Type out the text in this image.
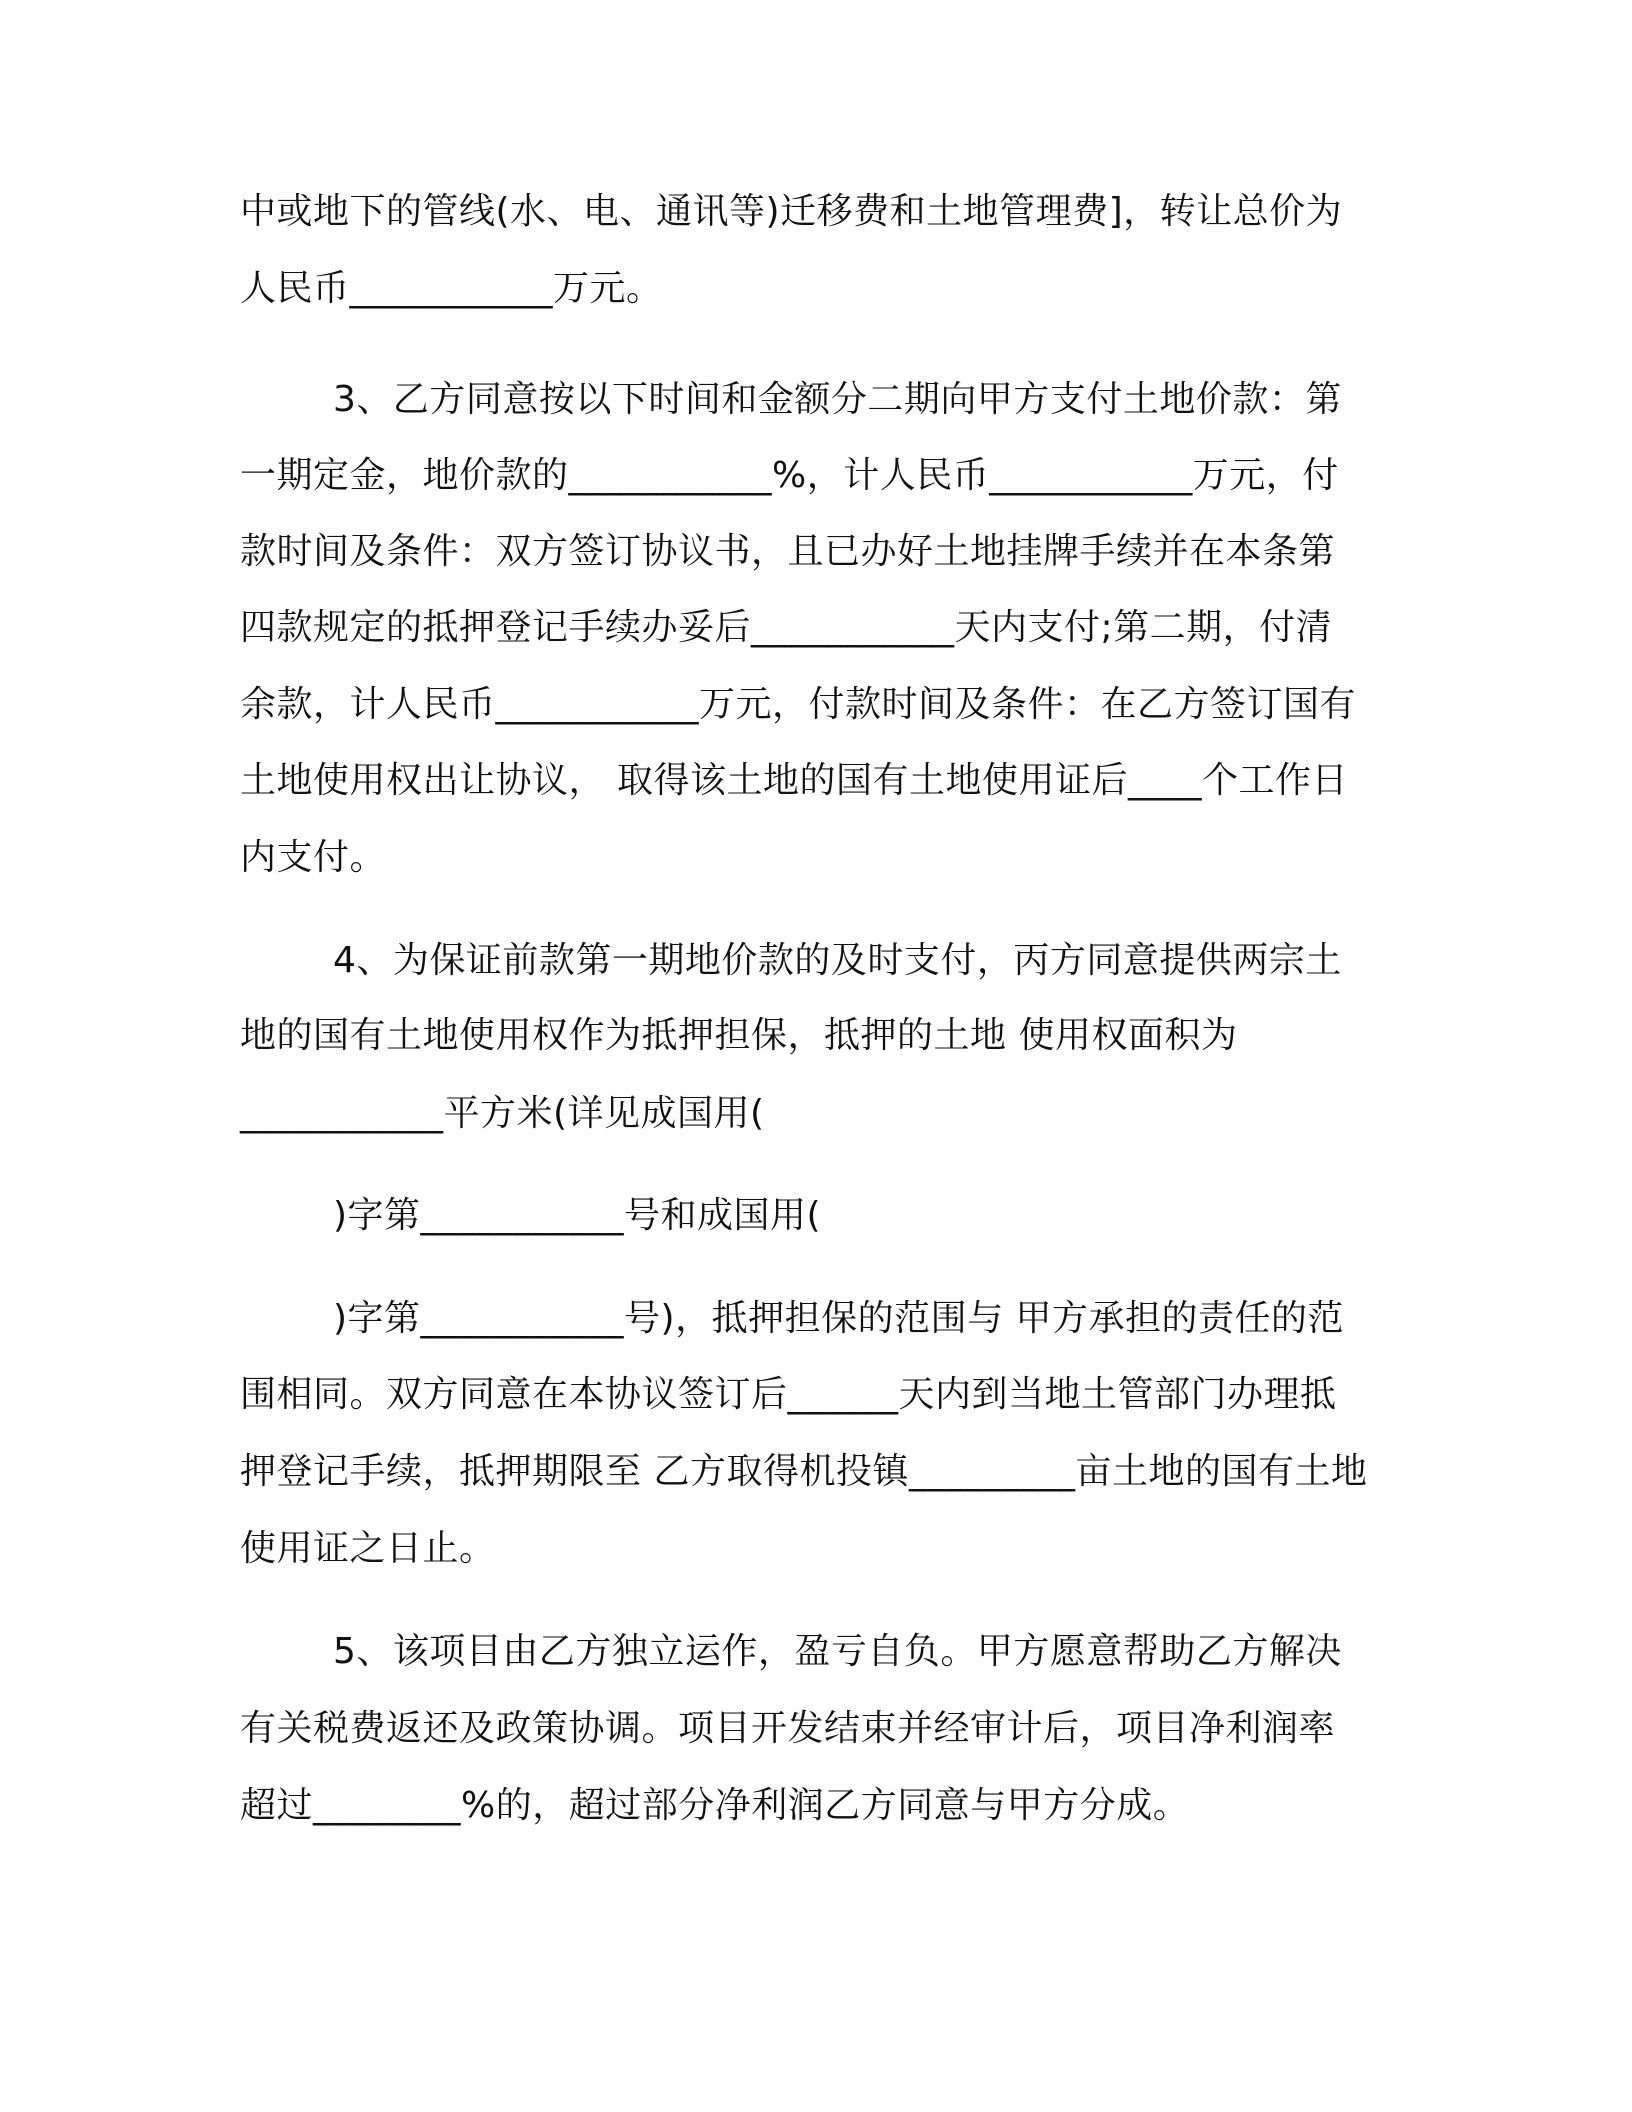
中或地下的管线(水、电、通讯等)迁移费和土地管理费]，转让总价为
人民币___________万元。
3、乙方同意按以下时间和金额分二期向甲方支付土地价款：第
一期定金，地价款的___________%，计人民币___________万元，付
款时间及条件：双方签订协议书，且已办好土地挂牌手续并在本条第
四款规定的抵押登记手续办妥后___________天内支付;第二期，付清
余款，计人民币___________万元，付款时间及条件：在乙方签订国有
土地使用权出让协议， 取得该土地的国有土地使用证后____个工作日
内支付。
4、为保证前款第一期地价款的及时支付，丙方同意提供两宗土
地的国有土地使用权作为抵押担保，抵押的土地 使用权面积为
___________平方米(详见成国用(
)字第___________号和成国用(
)字第___________号)，抵押担保的范围与 甲方承担的责任的范
围相同。双方同意在本协议签订后______天内到当地土管部门办理抵
押登记手续，抵押期限至 乙方取得机投镇_________亩土地的国有土地
使用证之日止。
5、该项目由乙方独立运作，盈亏自负。甲方愿意帮助乙方解决
有关税费返还及政策协调。项目开发结束并经审计后，项目净利润率
超过________%的，超过部分净利润乙方同意与甲方分成。
